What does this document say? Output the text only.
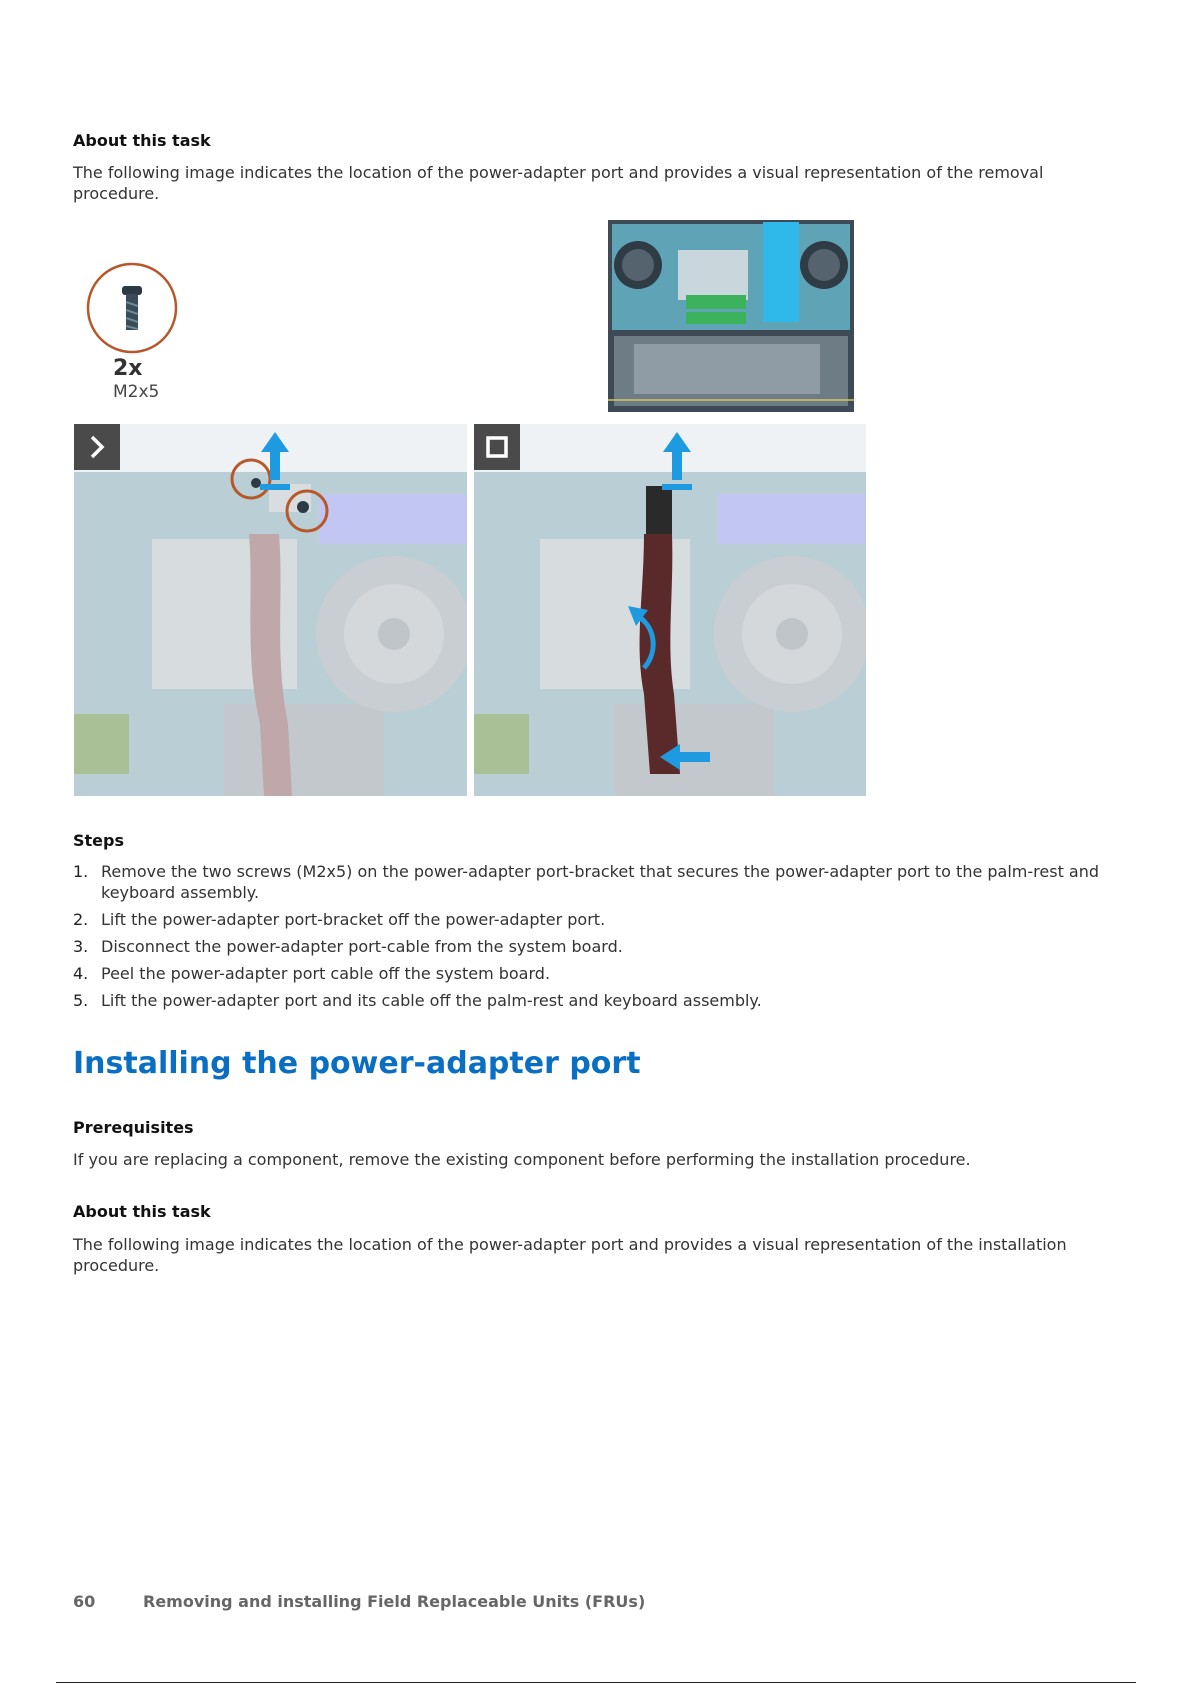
About this task
The following image indicates the location of the power-adapter port and provides a visual representation of the removal procedure.
2x
M2x5
Steps
1. Remove the two screws (M2x5) on the power-adapter port-bracket that secures the power-adapter port to the palm-rest and keyboard assembly.
2. Lift the power-adapter port-bracket off the power-adapter port.
3. Disconnect the power-adapter port-cable from the system board.
4. Peel the power-adapter port cable off the system board.
5. Lift the power-adapter port and its cable off the palm-rest and keyboard assembly.
Installing the power-adapter port
Prerequisites
If you are replacing a component, remove the existing component before performing the installation procedure.
About this task
The following image indicates the location of the power-adapter port and provides a visual representation of the installation procedure.
60	Removing and installing Field Replaceable Units (FRUs)
